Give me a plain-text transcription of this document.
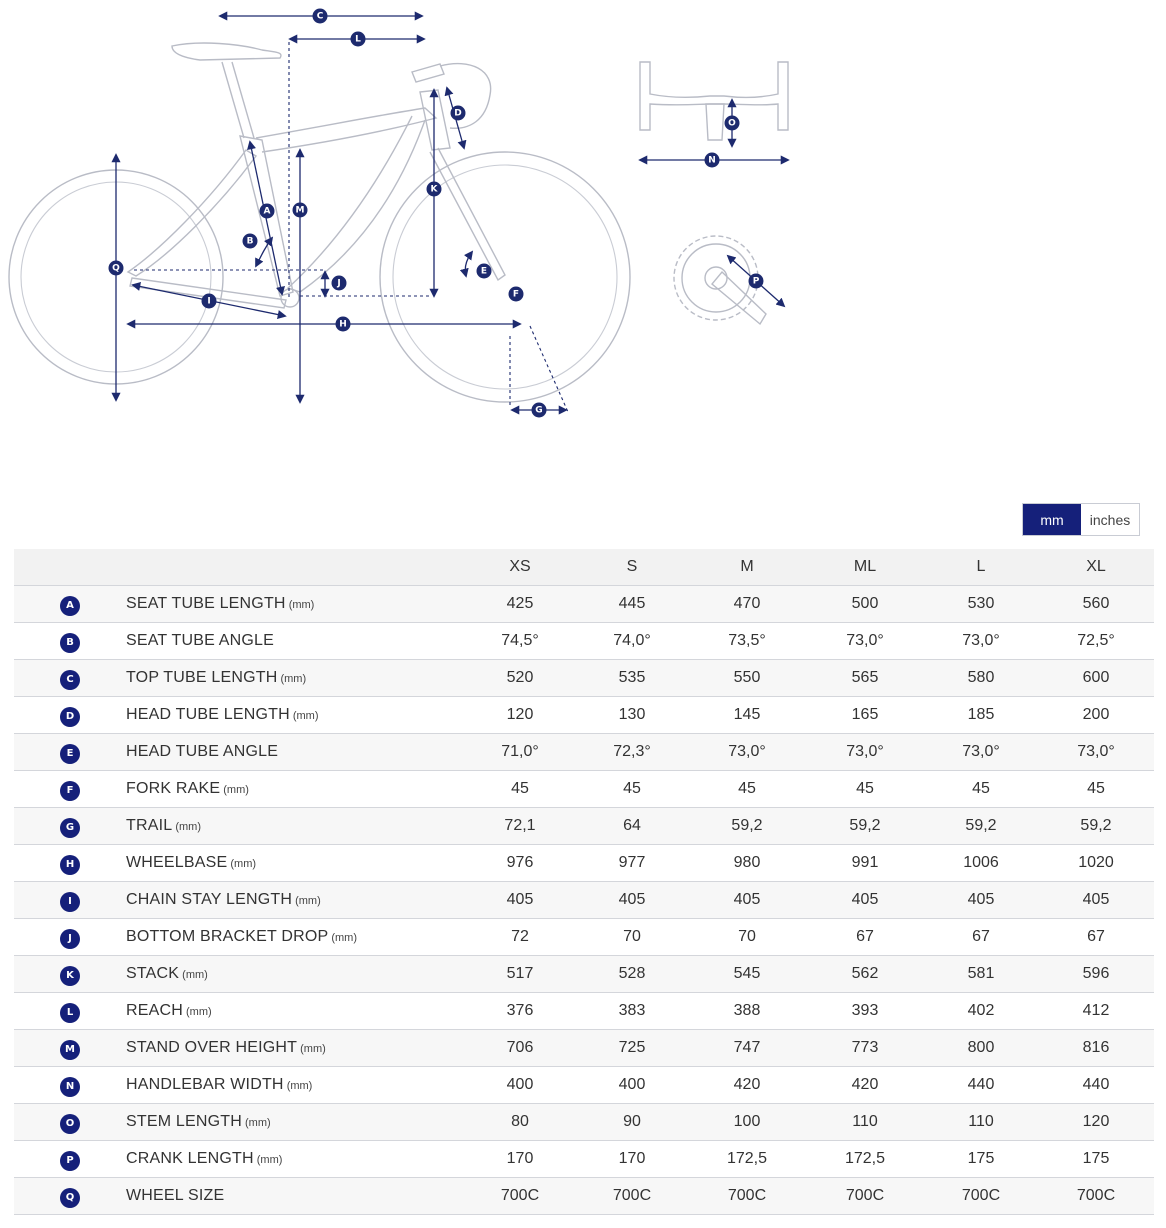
A
B
C
D
E
F
G
H
I
J
K
L
M
N
O
P
Q
mm	inches
		XS	S	M	ML	L	XL
A	SEAT TUBE LENGTH (mm)	425	445	470	500	530	560
B	SEAT TUBE ANGLE	74,5°	74,0°	73,5°	73,0°	73,0°	72,5°
C	TOP TUBE LENGTH (mm)	520	535	550	565	580	600
D	HEAD TUBE LENGTH (mm)	120	130	145	165	185	200
E	HEAD TUBE ANGLE	71,0°	72,3°	73,0°	73,0°	73,0°	73,0°
F	FORK RAKE (mm)	45	45	45	45	45	45
G	TRAIL (mm)	72,1	64	59,2	59,2	59,2	59,2
H	WHEELBASE (mm)	976	977	980	991	1006	1020
I	CHAIN STAY LENGTH (mm)	405	405	405	405	405	405
J	BOTTOM BRACKET DROP (mm)	72	70	70	67	67	67
K	STACK (mm)	517	528	545	562	581	596
L	REACH (mm)	376	383	388	393	402	412
M	STAND OVER HEIGHT (mm)	706	725	747	773	800	816
N	HANDLEBAR WIDTH (mm)	400	400	420	420	440	440
O	STEM LENGTH (mm)	80	90	100	110	110	120
P	CRANK LENGTH (mm)	170	170	172,5	172,5	175	175
Q	WHEEL SIZE	700C	700C	700C	700C	700C	700C
